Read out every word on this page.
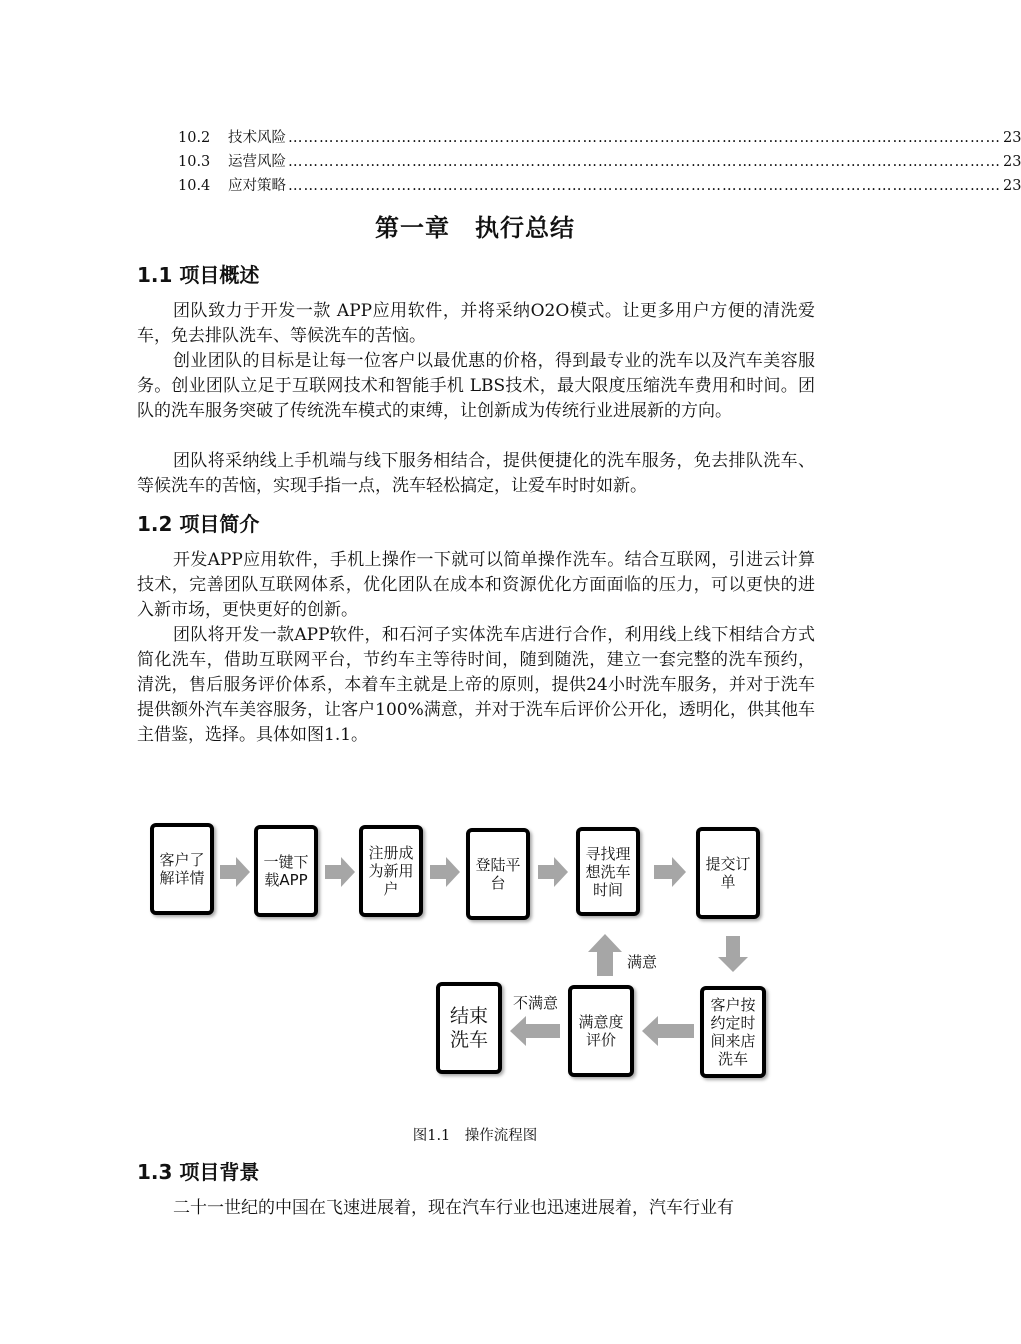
10.2	技术风险 ………………………………………………………………………………………………………………………… 23
10.3	运营风险 ………………………………………………………………………………………………………………………… 23
10.4	应对策略 ………………………………………………………………………………………………………………………… 23
第一章　执行总结
1.1 项目概述

团队致力于开发一款 APP应用软件，并将采纳O2O模式。让更多用户方便的清洗爱车，免去排队洗车、等候洗车的苦恼。

创业团队的目标是让每一位客户以最优惠的价格，得到最专业的洗车以及汽车美容服务。创业团队立足于互联网技术和智能手机 LBS技术，最大限度压缩洗车费用和时间。团队的洗车服务突破了传统洗车模式的束缚，让创新成为传统行业进展新的方向。

团队将采纳线上手机端与线下服务相结合，提供便捷化的洗车服务，免去排队洗车、等候洗车的苦恼，实现手指一点，洗车轻松搞定，让爱车时时如新。

1.2 项目简介

开发APP应用软件，手机上操作一下就可以简单操作洗车。结合互联网，引进云计算技术，完善团队互联网体系，优化团队在成本和资源优化方面面临的压力，可以更快的进入新市场，更快更好的创新。

团队将开发一款APP软件，和石河子实体洗车店进行合作，利用线上线下相结合方式简化洗车，借助互联网平台，节约车主等待时间，随到随洗，建立一套完整的洗车预约，清洗，售后服务评价体系，本着车主就是上帝的原则，提供24小时洗车服务，并对于洗车提供额外汽车美容服务，让客户100%满意，并对于洗车后评价公开化，透明化，供其他车主借鉴，选择。具体如图1.1。

客户了解详情
一键下载APP
注册成为新用户
登陆平台
寻找理想洗车时间
提交订单
客户按约定时间来店洗车
满意度评价
结束洗车
满意
不满意
图1.1　操作流程图
1.3 项目背景

二十一世纪的中国在飞速进展着，现在汽车行业也迅速进展着，汽车行业有
